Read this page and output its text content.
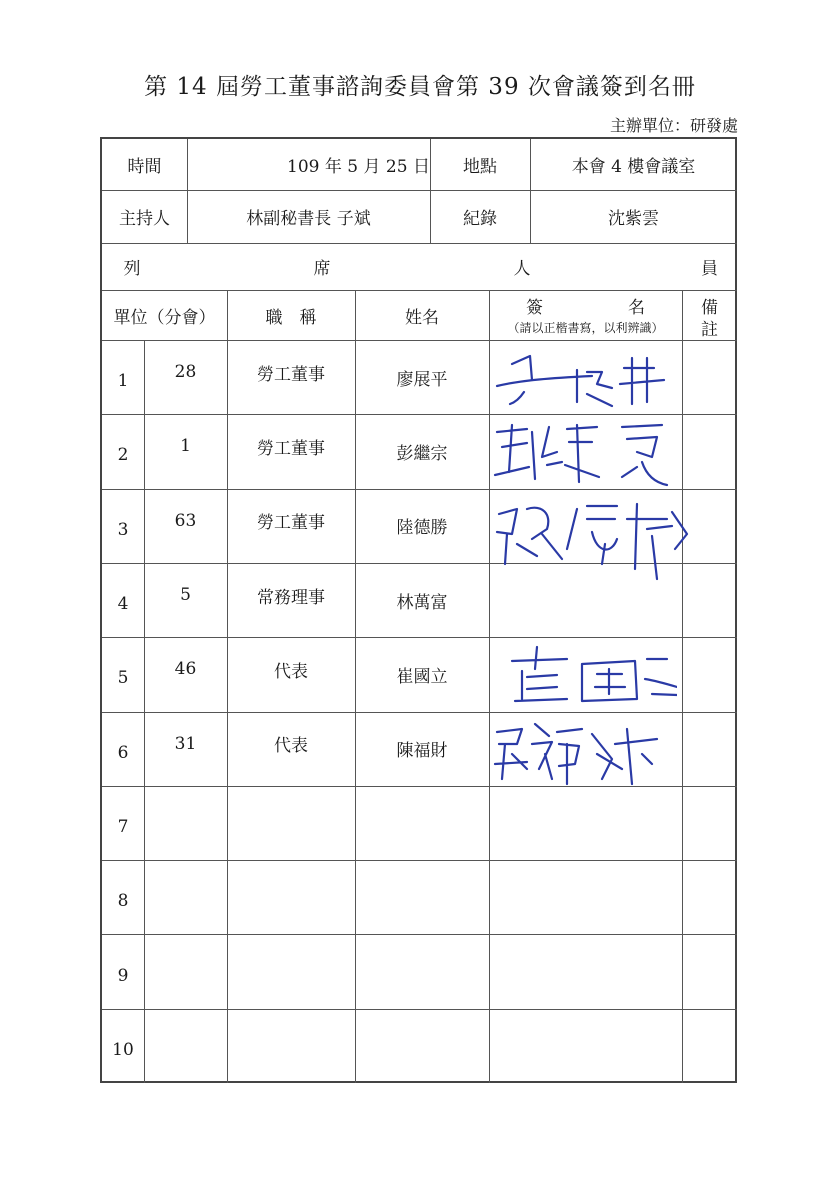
第 14 屆勞工董事諮詢委員會第 39 次會議簽到名冊
主辦單位：研發處
時間	109 年 5 月 25 日	地點	本會 4 樓會議室
主持人	林副秘書長 子斌	紀錄	沈紫雲
列	席	人	員
單位（分會）	職　稱	姓名	簽　　　　　名
（請以正楷書寫，以利辨識）
備
註
1	28	勞工董事	廖展平
2	1	勞工董事	彭繼宗
3	63	勞工董事	陸德勝
4	5	常務理事	林萬富
5	46	代表	崔國立
6	31	代表	陳福財
7
8
9
10
